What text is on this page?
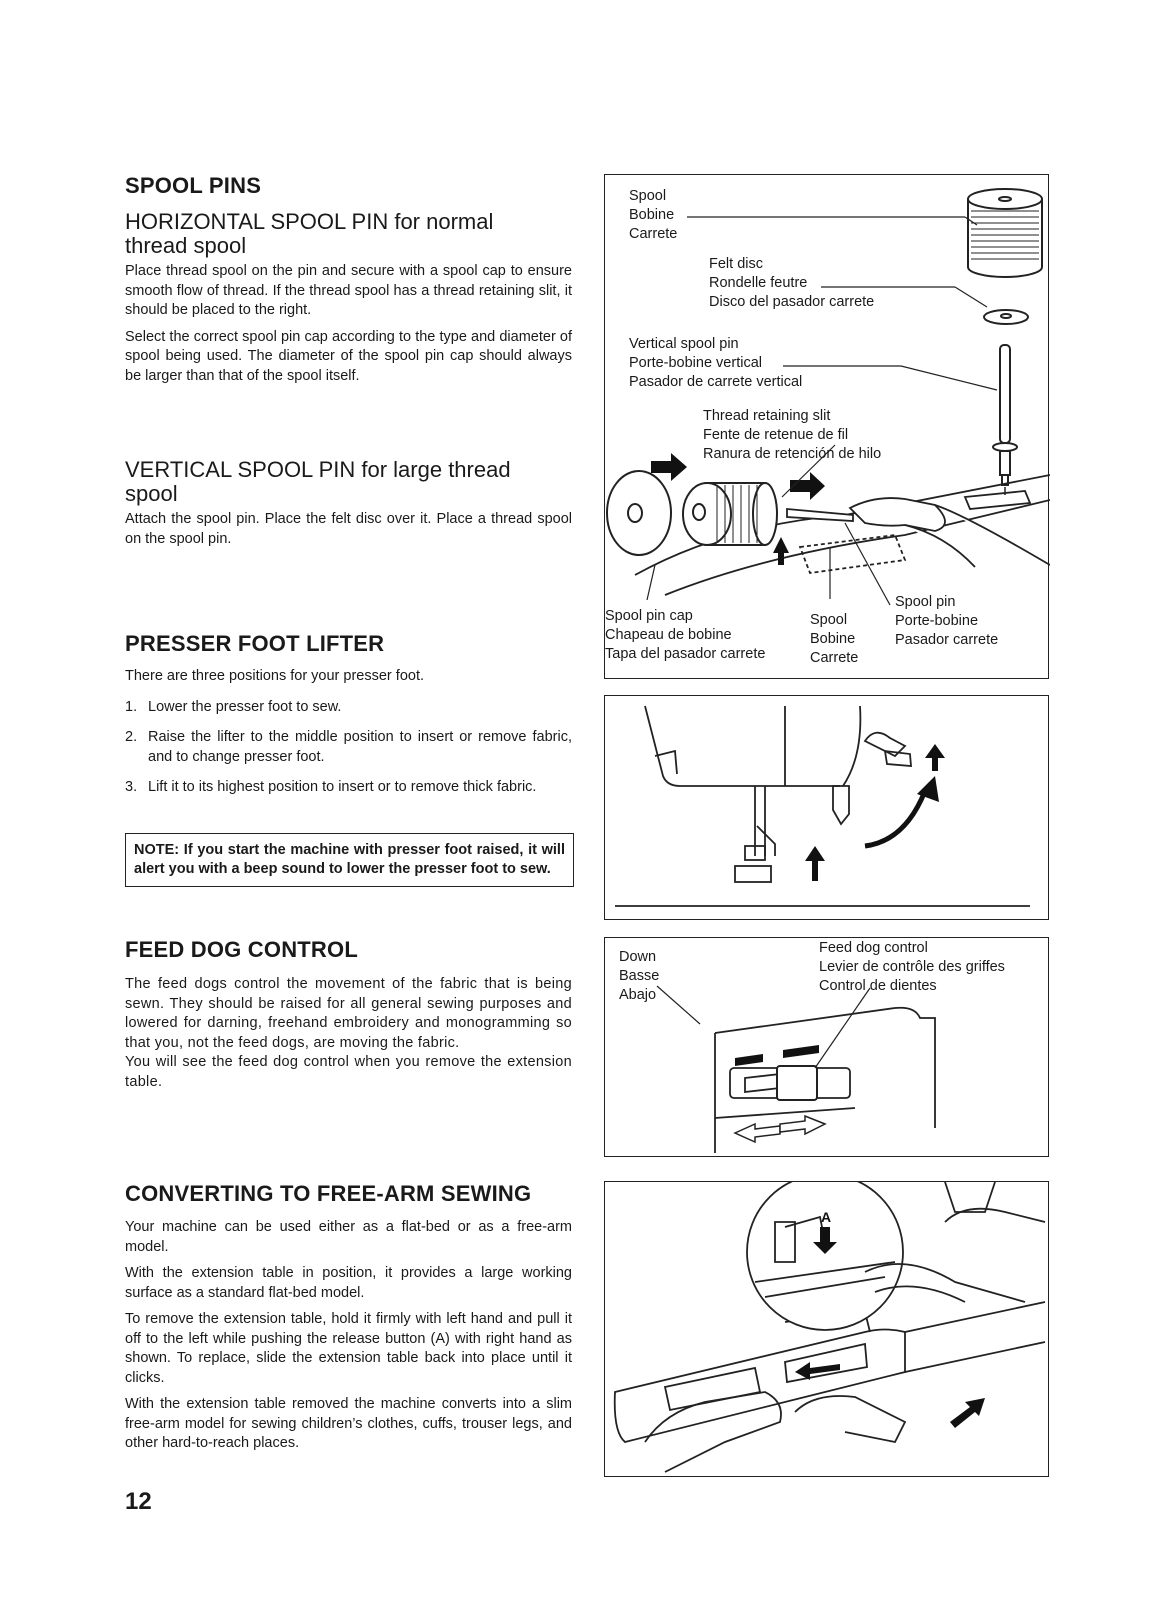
SPOOL PINS
HORIZONTAL SPOOL PIN for normal thread spool

Place thread spool on the pin and secure with a spool cap to ensure smooth flow of thread. If the thread spool has a thread retaining slit, it should be placed to the right.

Select the correct spool pin cap according to the type and diameter of spool being used. The diameter of the spool pin cap should always be larger than that of the spool itself.

VERTICAL SPOOL PIN for large thread spool

Attach the spool pin. Place the felt disc over it. Place a thread spool on the spool pin.

PRESSER FOOT LIFTER

There are three positions for your presser foot.

1. Lower the presser foot to sew.
2. Raise the lifter to the middle position to insert or remove fabric, and to change presser foot.
3. Lift it to its highest position to insert or to remove thick fabric.
NOTE: If you start the machine with presser foot raised, it will alert you with a beep sound to lower the presser foot to sew.
FEED DOG CONTROL

The feed dogs control the movement of the fabric that is being sewn. They should be raised for all general sewing purposes and lowered for darning, freehand embroidery and monogramming so that you, not the feed dogs, are moving the fabric.

You will see the feed dog control when you remove the extension table.

CONVERTING TO FREE-ARM SEWING

Your machine can be used either as a flat-bed or as a free-arm model.

With the extension table in position, it provides a large working surface as a standard flat-bed model.

To remove the extension table, hold it firmly with left hand and pull it off to the left while pushing the release button (A) with right hand as shown. To replace, slide the extension table back into place until it clicks.

With the extension table removed the machine converts into a slim free-arm model for sewing children’s clothes, cuffs, trouser legs, and other hard-to-reach places.

12
Spool
Bobine
Carrete
Felt disc
Rondelle feutre
Disco del pasador carrete
Vertical spool pin
Porte-bobine vertical
Pasador de carrete vertical
Thread retaining slit
Fente de retenue de fil
Ranura de retención de hilo
Spool pin cap
Chapeau de bobine
Tapa del pasador carrete
Spool
Bobine
Carrete
Spool pin
Porte-bobine
Pasador carrete
Down
Basse
Abajo
Feed dog control
Levier de contrôle des griffes
Control de dientes
A
